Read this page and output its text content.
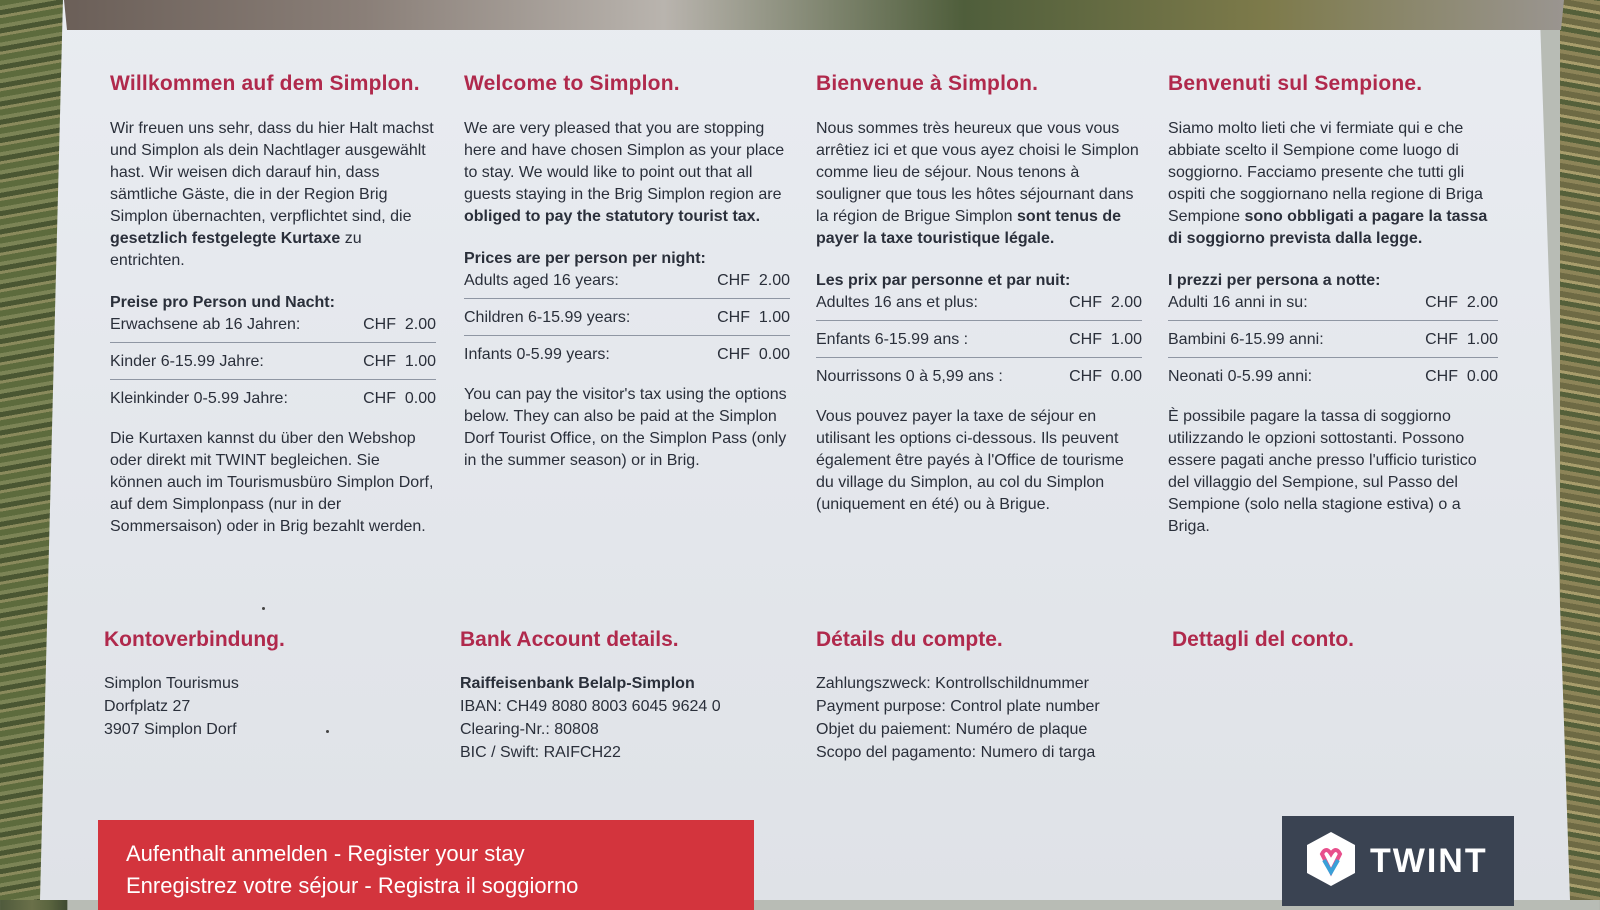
Willkommen auf dem Simplon.

Wir freuen uns sehr, dass du hier Halt machst und Simplon als dein Nachtlager ausgewählt hast. Wir weisen dich darauf hin, dass sämtliche Gäste, die in der Region Brig Simplon übernachten, verpflichtet sind, die gesetzlich festgelegte Kurtaxe zu entrichten.

Preise pro Person und Nacht:
Erwachsene ab 16 Jahren:	CHF  2.00
Kinder 6-15.99 Jahre:	CHF  1.00
Kleinkinder 0-5.99 Jahre:	CHF  0.00

Die Kurtaxen kannst du über den Webshop oder direkt mit TWINT begleichen. Sie können auch im Tourismusbüro Simplon Dorf, auf dem Simplonpass (nur in der Sommersaison) oder in Brig bezahlt werden.

Welcome to Simplon.

We are very pleased that you are stopping here and have chosen Simplon as your place to stay. We would like to point out that all guests staying in the Brig Simplon region are obliged to pay the statutory tourist tax.

Prices are per person per night:
Adults aged 16 years:	CHF  2.00
Children 6-15.99 years:	CHF  1.00
Infants 0-5.99 years:	CHF  0.00

You can pay the visitor's tax using the options below. They can also be paid at the Simplon Dorf Tourist Office, on the Simplon Pass (only in the summer season) or in Brig.

Bienvenue à Simplon.

Nous sommes très heureux que vous vous arrêtiez ici et que vous ayez choisi le Simplon comme lieu de séjour. Nous tenons à souligner que tous les hôtes séjournant dans la région de Brigue Simplon sont tenus de payer la taxe touristique légale.

Les prix par personne et par nuit:
Adultes 16 ans et plus:	CHF  2.00
Enfants 6-15.99 ans :	CHF  1.00
Nourrissons 0 à 5,99 ans :	CHF  0.00

Vous pouvez payer la taxe de séjour en utilisant les options ci-dessous. Ils peuvent également être payés à l'Office de tourisme du village du Simplon, au col du Simplon (uniquement en été) ou à Brigue.

Benvenuti sul Sempione.

Siamo molto lieti che vi fermiate qui e che abbiate scelto il Sempione come luogo di soggiorno. Facciamo presente che tutti gli ospiti che soggiornano nella regione di Briga Sempione sono obbligati a pagare la tassa di soggiorno prevista dalla legge.

I prezzi per persona a notte:
Adulti 16 anni in su:	CHF  2.00
Bambini 6-15.99 anni:	CHF  1.00
Neonati 0-5.99 anni:	CHF  0.00

È possibile pagare la tassa di soggiorno utilizzando le opzioni sottostanti. Possono essere pagati anche presso l'ufficio turistico del villaggio del Sempione, sul Passo del Sempione (solo nella stagione estiva) o a Briga.

Kontoverbindung.
Simplon Tourismus
Dorfplatz 27
3907 Simplon Dorf
Bank Account details.
Raiffeisenbank Belalp-Simplon
IBAN: CH49 8080 8003 6045 9624 0
Clearing-Nr.: 80808
BIC / Swift: RAIFCH22
Détails du compte.
Zahlungszweck: Kontrollschildnummer
Payment purpose: Control plate number
Objet du paiement: Numéro de plaque
Scopo del pagamento: Numero di targa
Dettagli del conto.
Aufenthalt anmelden - Register your stay
Enregistrez votre séjour - Registra il soggiorno
TWINT
